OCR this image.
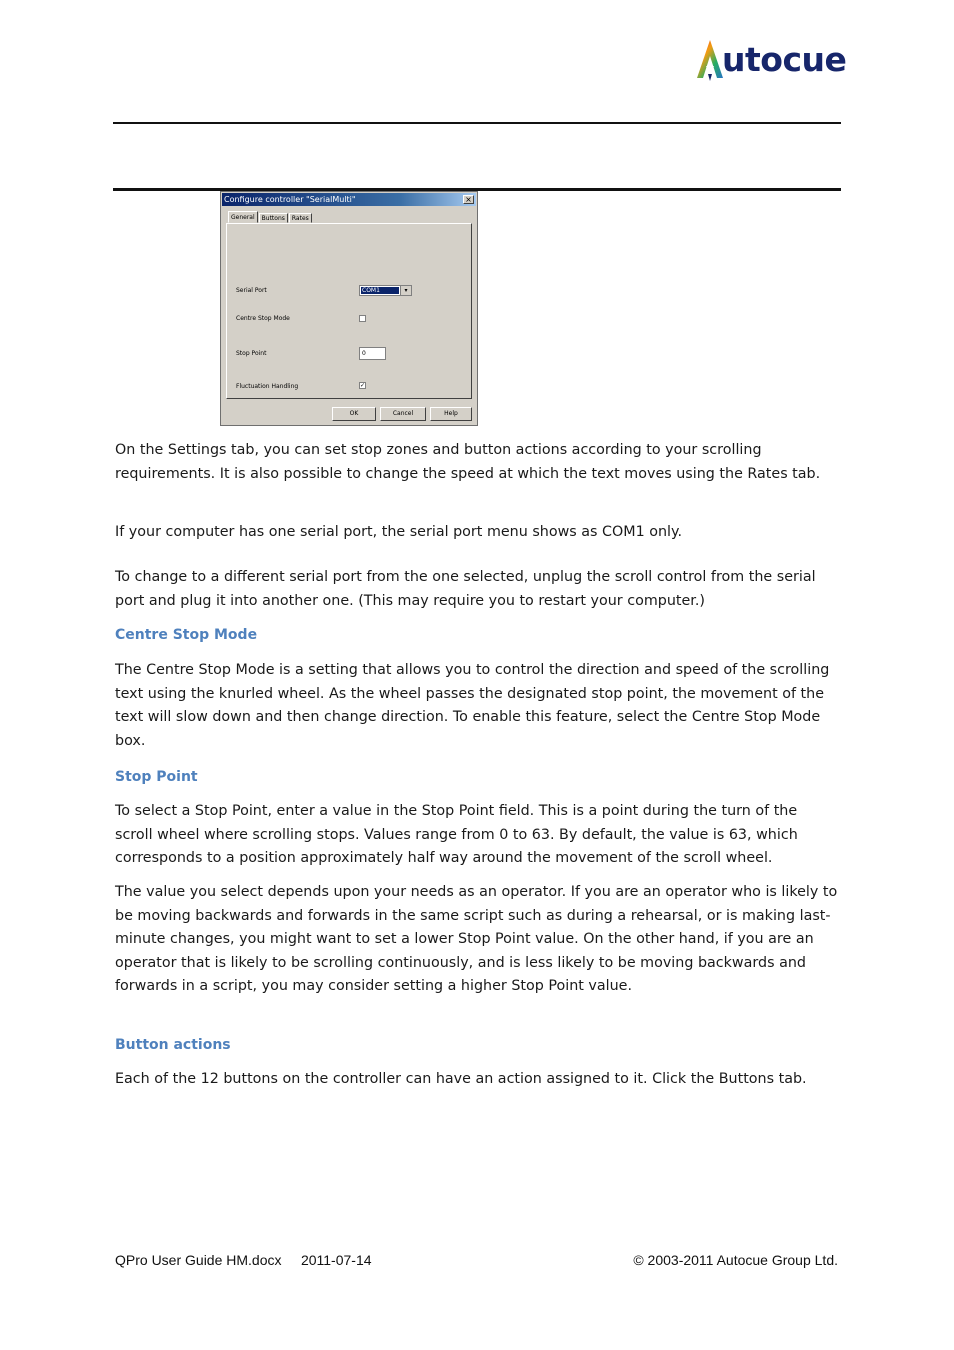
utocue
Configure controller "SerialMulti"	×
General	Buttons	Rates
Serial Port	COM1	▾
Centre Stop Mode
Stop Point	0
Fluctuation Handling	✓
OK	Cancel	Help

On the Settings tab, you can set stop zones and button actions according to your scrolling requirements. It is also possible to change the speed at which the text moves using the Rates tab.

If your computer has one serial port, the serial port menu shows as COM1 only.

To change to a different serial port from the one selected, unplug the scroll control from the serial port and plug it into another one. (This may require you to restart your computer.)

Centre Stop Mode

The Centre Stop Mode is a setting that allows you to control the direction and speed of the scrolling text using the knurled wheel. As the wheel passes the designated stop point, the movement of the text will slow down and then change direction. To enable this feature, select the Centre Stop Mode box.

Stop Point

To select a Stop Point, enter a value in the Stop Point field. This is a point during the turn of the scroll wheel where scrolling stops. Values range from 0 to 63. By default, the value is 63, which corresponds to a position approximately half way around the movement of the scroll wheel.

The value you select depends upon your needs as an operator. If you are an operator who is likely to be moving backwards and forwards in the same script such as during a rehearsal, or is making last-minute changes, you might want to set a lower Stop Point value. On the other hand, if you are an operator that is likely to be scrolling continuously, and is less likely to be moving backwards and forwards in a script, you may consider setting a higher Stop Point value.

Button actions

Each of the 12 buttons on the controller can have an action assigned to it. Click the Buttons tab.

QPro User Guide HM.docx     2011-07-14	© 2003-2011 Autocue Group Ltd.
